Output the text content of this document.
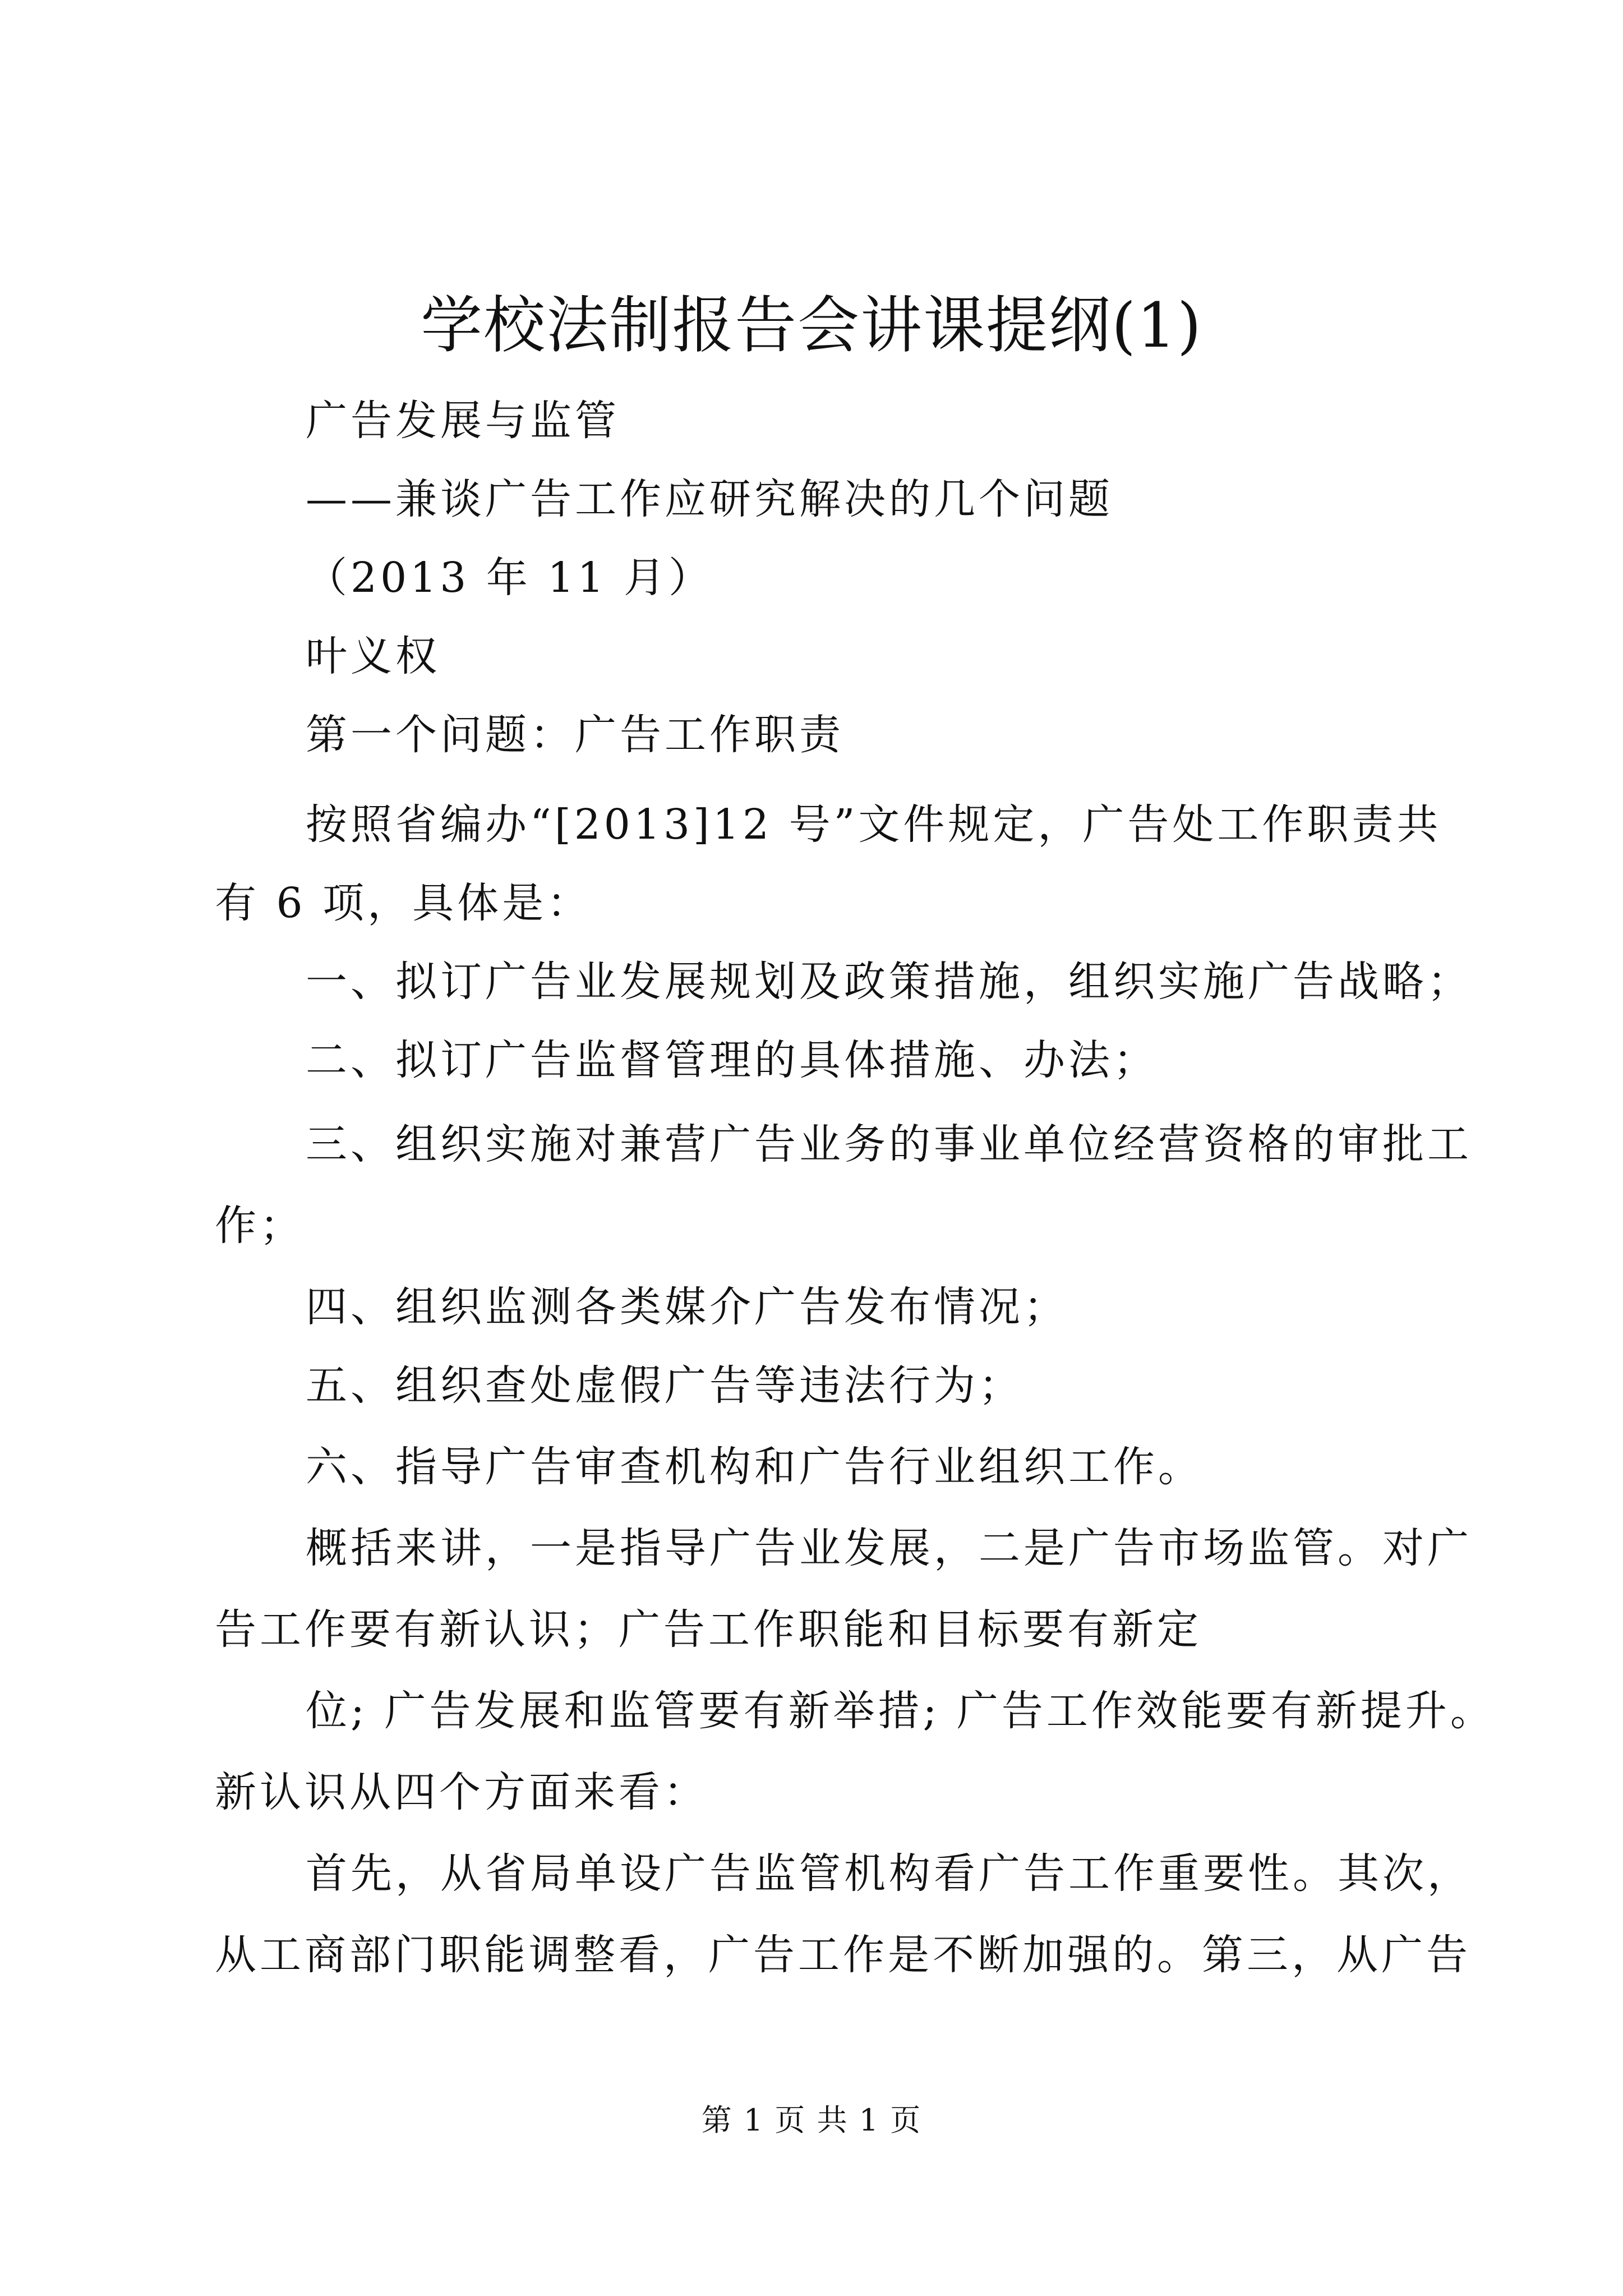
学校法制报告会讲课提纲(1)
广告发展与监管
——兼谈广告工作应研究解决的几个问题
（2013 年 11 月）
叶义权
第一个问题：广告工作职责
按照省编办“[2013]12 号”文件规定，广告处工作职责共
有 6 项，具体是：
一、拟订广告业发展规划及政策措施，组织实施广告战略；
二、拟订广告监督管理的具体措施、办法；
三、组织实施对兼营广告业务的事业单位经营资格的审批工
作；
四、组织监测各类媒介广告发布情况；
五、组织查处虚假广告等违法行为；
六、指导广告审查机构和广告行业组织工作。
概括来讲，一是指导广告业发展，二是广告市场监管。对广
告工作要有新认识；广告工作职能和目标要有新定
位; 广告发展和监管要有新举措; 广告工作效能要有新提升。
新认识从四个方面来看：
首先，从省局单设广告监管机构看广告工作重要性。其次，
从工商部门职能调整看，广告工作是不断加强的。第三，从广告
第 1 页 共 1 页
